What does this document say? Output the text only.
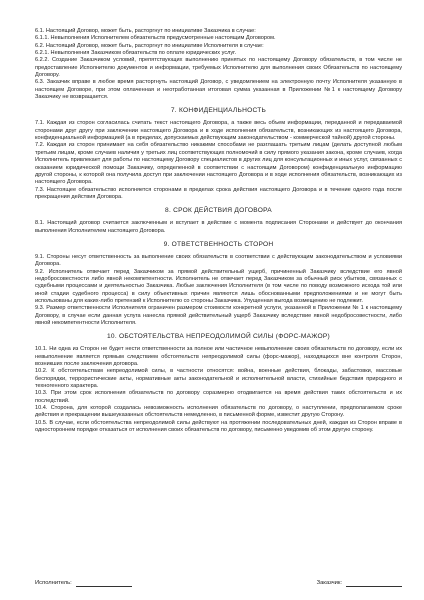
6.1. Настоящий Договор, может быть, расторгнут по инициативе Заказчика в случае:

6.1.1. Невыполнения Исполнителем обязательств предусмотренные настоящим Договором.

6.2. Настоящий Договор, может быть, расторгнут по инициативе Исполнителя в случае:

6.2.1. Невыполнения Заказчиком обязательств по оплате юридических услуг.

6.2.2. Создание Заказчиком условий, препятствующих выполнению принятых по настоящему Договору обязательств, в том числе не предоставление Исполнителю документов и информации, требуемых Исполнителю для выполнения своих Обязательств по настоящему Договору.

6.3. Заказчик вправе в любое время расторгнуть настоящий Договор, с уведомлением на электронную почту Исполнителя указанную в настоящем Договоре, при этом оплаченная и неотработанная итоговая сумма указанная в Приложении №1 к настоящему Договору Заказчику не возвращается.

7. КОНФИДЕНЦИАЛЬНОСТЬ

7.1. Каждая из сторон согласилась считать текст настоящего Договора, а также весь объем информации, переданной и передаваемой сторонами друг другу при заключении настоящего Договора и в ходе исполнения обязательств, возникающих из настоящего Договора, конфиденциальной информацией (а в пределах, допускаемых действующим законодательством - коммерческой тайной) другой стороны.

7.2. Каждая из сторон принимает на себя обязательство никакими способами не разглашать третьим лицам (делать доступной любым третьим лицам, кроме случаев наличия у третьих лиц соответствующих полномочий в силу прямого указания закона, кроме случаев, когда Исполнитель привлекает для работы по настоящему Договору специалистов в других лиц для консультационных и иных услуг, связанных с оказанием юридической помощи Заказчику, определенной в соответствии с настоящим Договором) конфиденциальную информацию другой стороны, к которой она получила доступ при заключении настоящего Договора и в ходе исполнения обязательств, возникающих из настоящего Договора.

7.3. Настоящее обязательство исполняется сторонами в пределах срока действия настоящего Договора и в течение одного года после прекращения действия Договора.

8. СРОК ДЕЙСТВИЯ ДОГОВОРА

8.1. Настоящий договор считается заключенным и вступает в действие с момента подписания Сторонами и действует до окончания выполнения Исполнителем настоящего Договора.

9. ОТВЕТСТВЕННОСТЬ СТОРОН

9.1. Стороны несут ответственность за выполнение своих обязательств в соответствии с действующим законодательством и условиями Договора.

9.2. Исполнитель отвечает перед Заказчиком за прямой действительный ущерб, причиненный Заказчику вследствие его явной недобросовестности либо явной некомпетентности. Исполнитель не отвечает перед Заказчиком за обычный риск убытков, связанных с судебными процессами и деятельностью Заказчика. Любые заключения Исполнителя (в том числе по поводу возможного исхода той или иной стадии судебного процесса) в силу объективных причин являются лишь обоснованными предположениями и не могут быть использованы для каких-либо претензий к Исполнителю со стороны Заказчика. Упущенная выгода возмещению не подлежит.

9.3. Размер ответственности Исполнителя ограничен размером стоимости конкретной услуги, указанной в Приложении № 1 к настоящему Договору, в случае если данная услуга нанесла прямой действительный ущерб Заказчику вследствие явной недобросовестности, либо явной некомпетентности Исполнителя.

10. ОБСТОЯТЕЛЬСТВА НЕПРЕОДОЛИМОЙ СИЛЫ (ФОРС-МАЖОР)

10.1. Ни одна из Сторон не будет нести ответственности за полное или частичное невыполнение своих обязательств по договору, если их невыполнение является прямым следствием обстоятельств непреодолимой силы (форс-мажор), находящихся вне контроля Сторон, возникших после заключения договора.

10.2. К обстоятельствам непреодолимой силы, в частности относятся: война, военные действия, блокады, забастовки, массовые беспорядки, террористические акты, нормативные акты законодательной и исполнительной власти, стихийные бедствия природного и техногенного характера.

10.3. При этом срок исполнения обязательств по договору соразмерно отодвигается на время действия таких обстоятельств и их последствий.

10.4. Сторона, для которой создалась невозможность исполнения обязательств по договору, о наступлении, предполагаемом сроке действия и прекращении вышеуказанных обстоятельств немедленно, в письменной форме, известит другую Сторону.

10.5. В случае, если обстоятельства непреодолимой силы действуют на протяжении последовательных дней, каждая из Сторон вправе в одностороннем порядке отказаться от исполнения своих обязательств по договору, письменно уведомив об этом другую сторону.

Исполнитель :	Заказчик :
